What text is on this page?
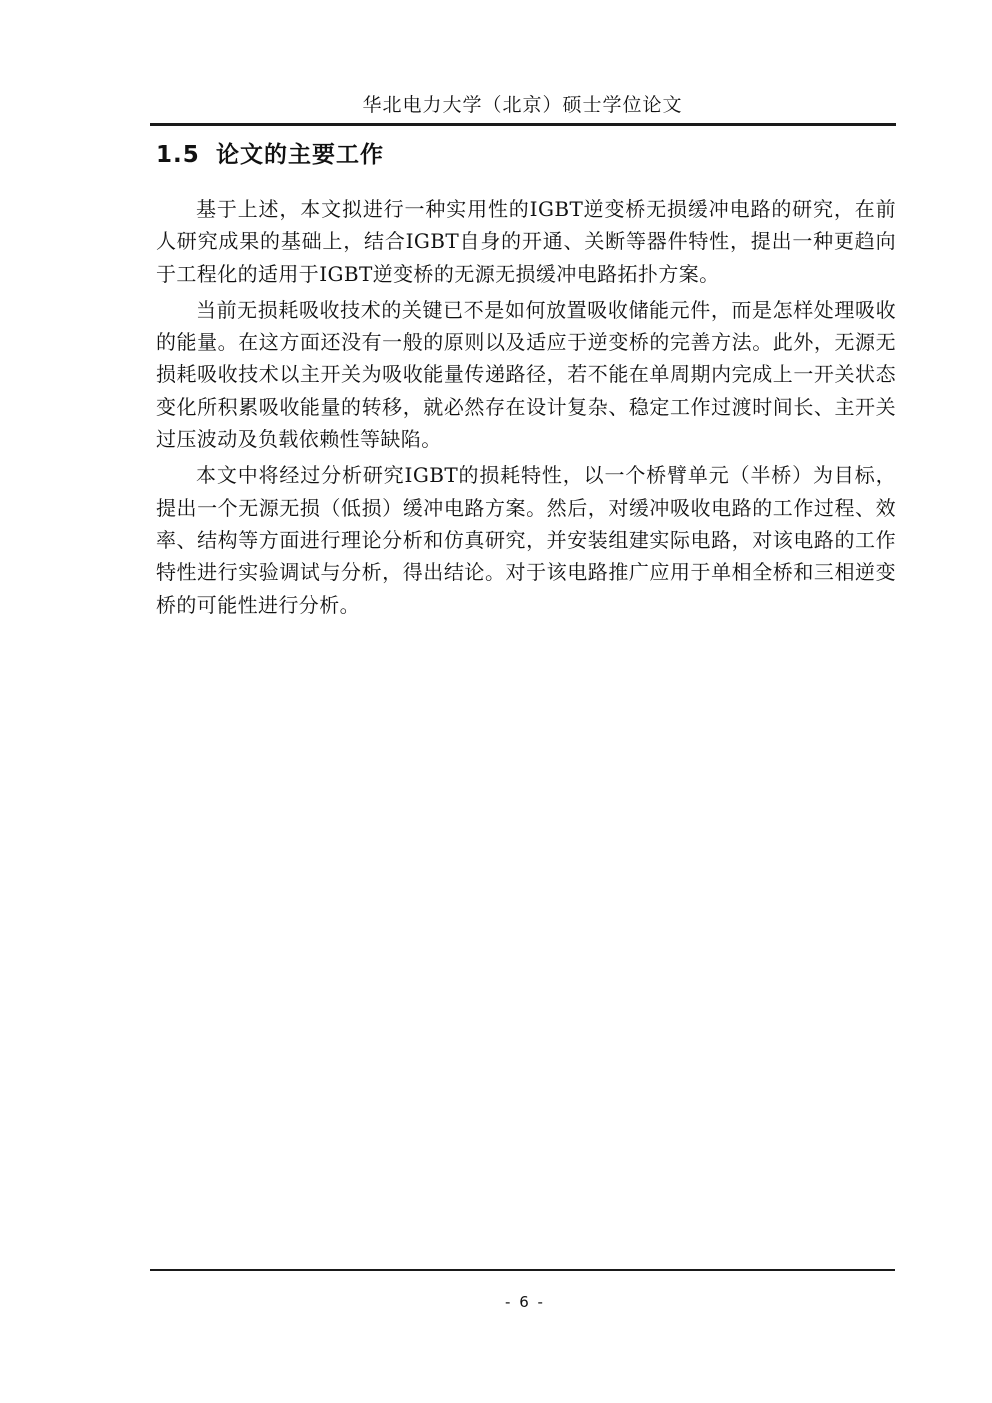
华北电力大学（北京）硕士学位论文
1.5 论文的主要工作

基于上述，本文拟进行一种实用性的IGBT逆变桥无损缓冲电路的研究，在前人研究成果的基础上，结合IGBT自身的开通、关断等器件特性，提出一种更趋向于工程化的适用于IGBT逆变桥的无源无损缓冲电路拓扑方案。

当前无损耗吸收技术的关键已不是如何放置吸收储能元件，而是怎样处理吸收的能量。在这方面还没有一般的原则以及适应于逆变桥的完善方法。此外，无源无损耗吸收技术以主开关为吸收能量传递路径，若不能在单周期内完成上一开关状态变化所积累吸收能量的转移，就必然存在设计复杂、稳定工作过渡时间长、主开关过压波动及负载依赖性等缺陷。

本文中将经过分析研究IGBT的损耗特性，以一个桥臂单元（半桥）为目标，提出一个无源无损（低损）缓冲电路方案。然后，对缓冲吸收电路的工作过程、效率、结构等方面进行理论分析和仿真研究，并安装组建实际电路，对该电路的工作特性进行实验调试与分析，得出结论。对于该电路推广应用于单相全桥和三相逆变桥的可能性进行分析。

- 6 -
